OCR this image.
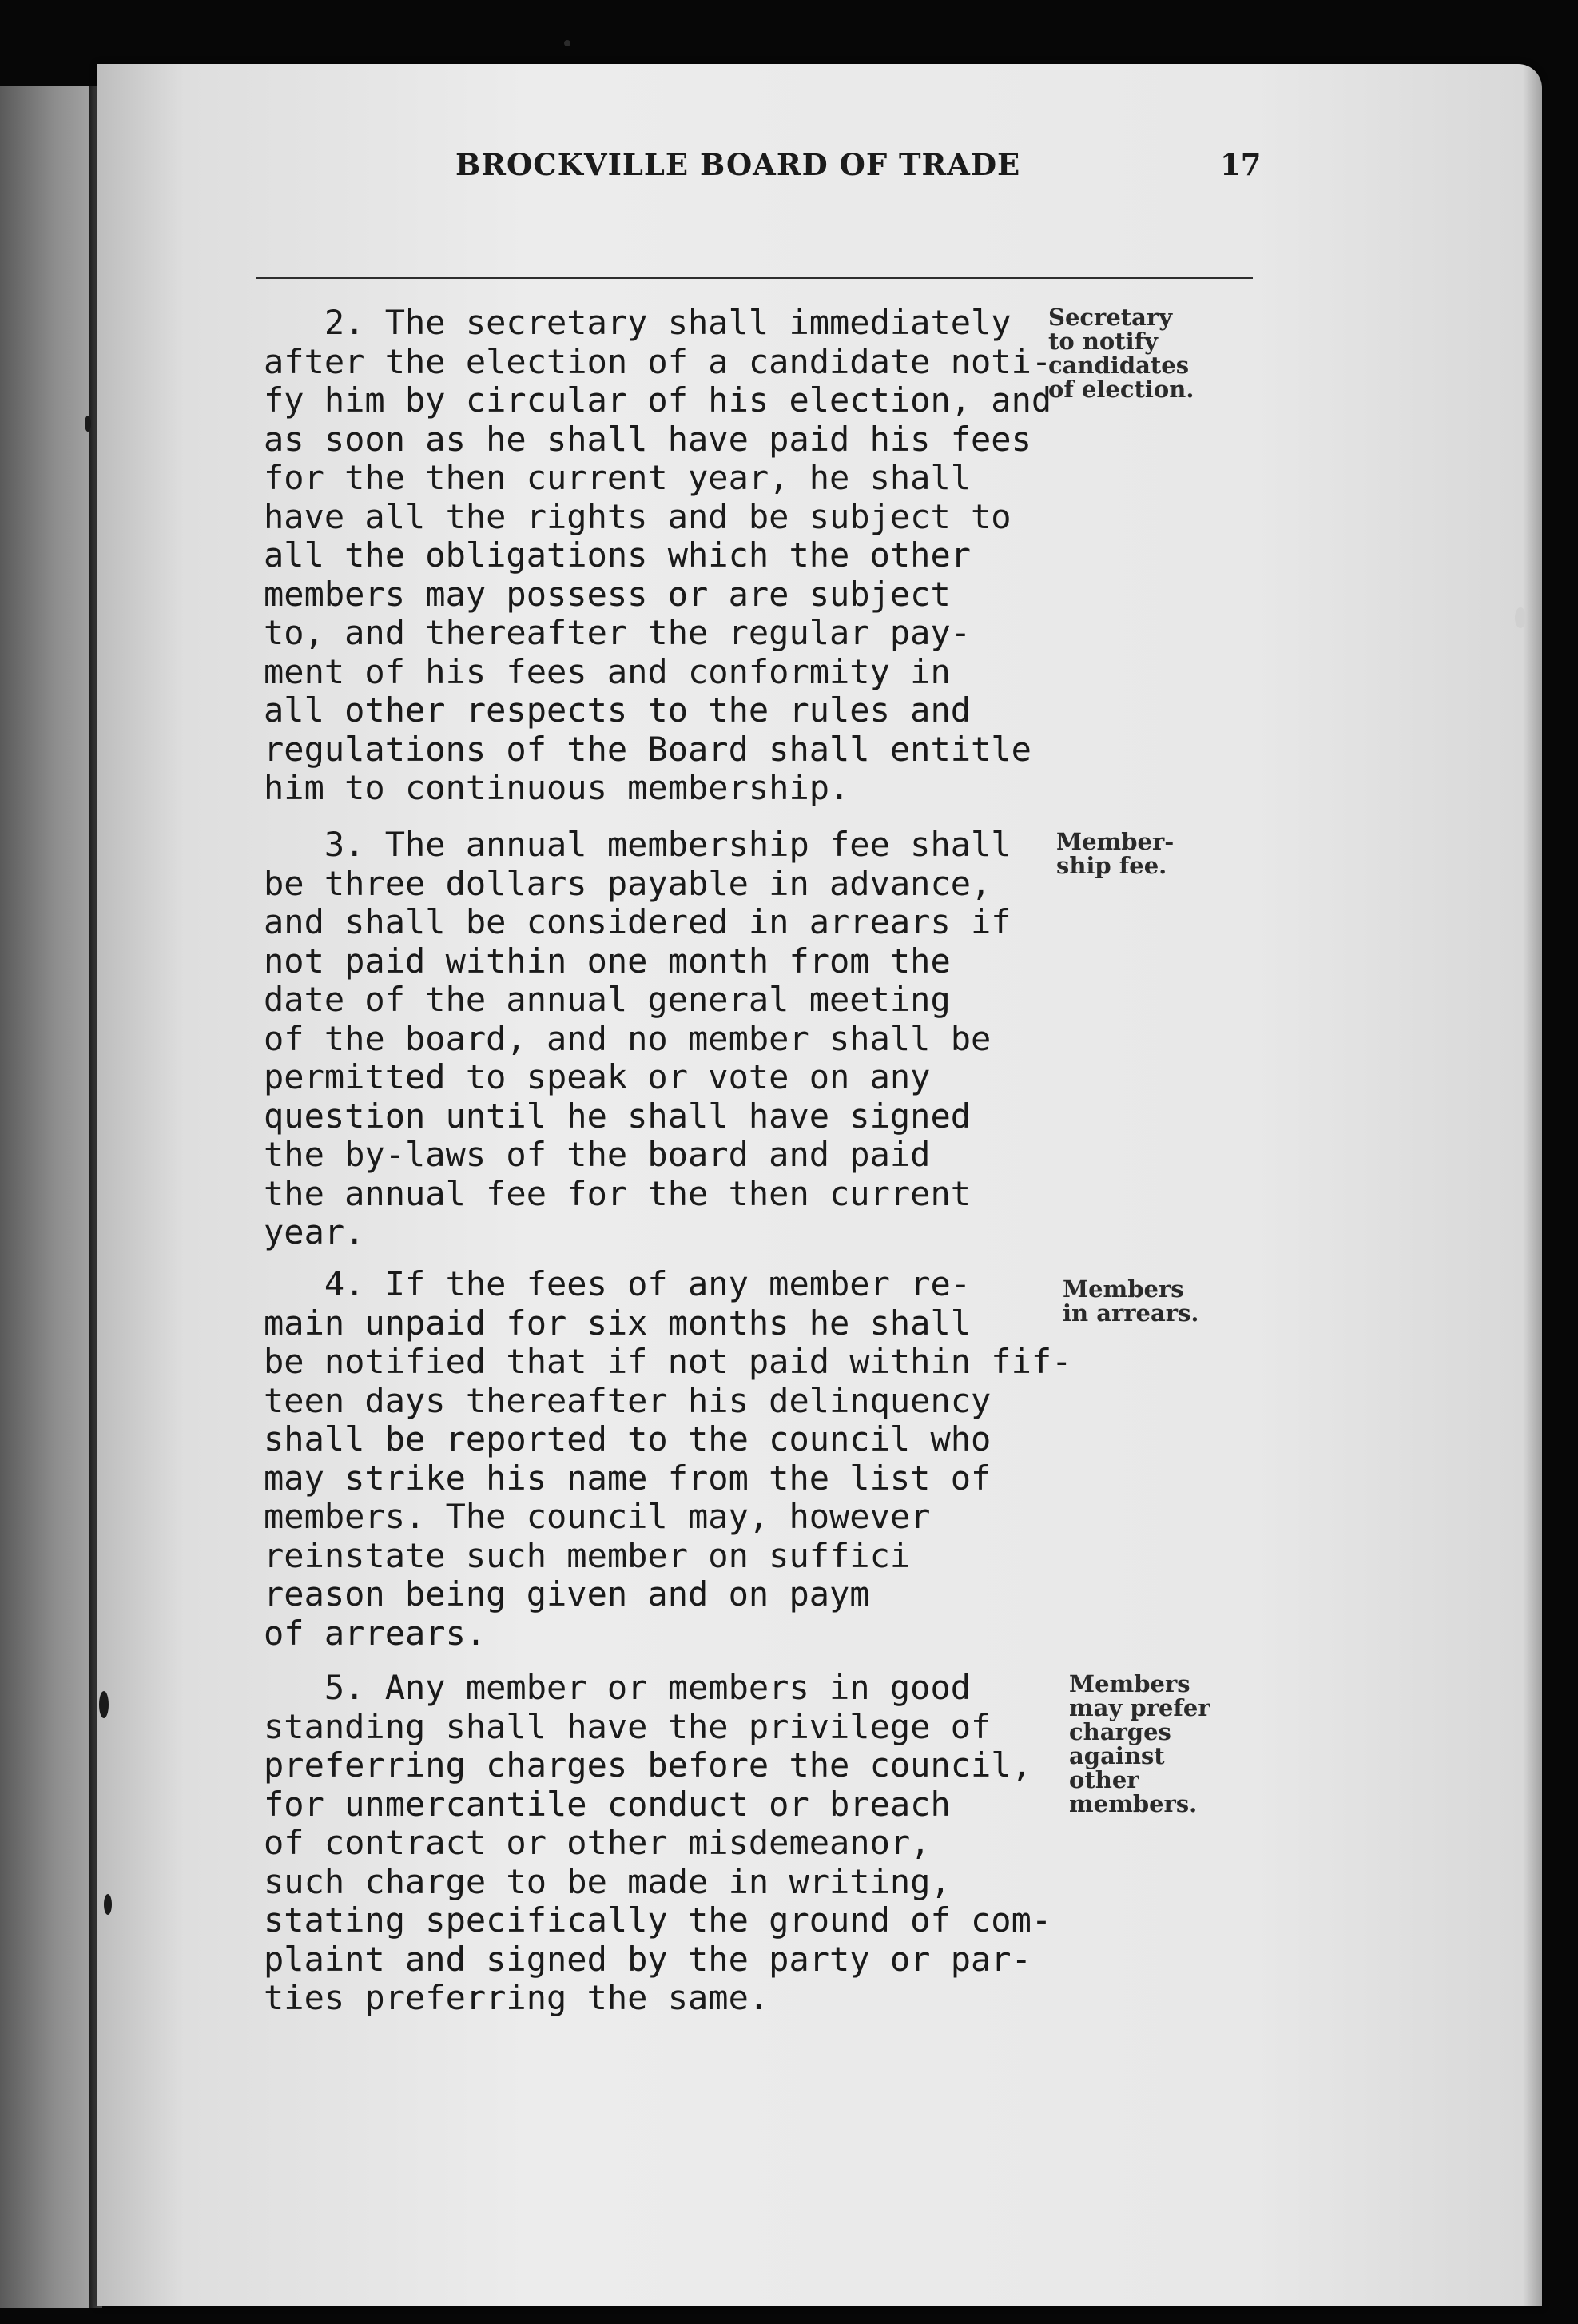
BROCKVILLE BOARD OF TRADE	17
2. The secretary shall immediately
after the election of a candidate noti-
fy him by circular of his election, and
as soon as he shall have paid his fees
for the then current year, he shall
have all the rights and be subject to
all the obligations which the other
members may possess or are subject
to, and thereafter the regular pay-
ment of his fees and conformity in
all other respects to the rules and
regulations of the Board shall entitle
him to continuous membership.
3. The annual membership fee shall
be three dollars payable in advance,
and shall be considered in arrears if
not paid within one month from the
date of the annual general meeting
of the board, and no member shall be
permitted to speak or vote on any
question until he shall have signed
the by-laws of the board and paid
the annual fee for the then current
year.
4. If the fees of any member re-
main unpaid for six months he shall
be notified that if not paid within fif-
teen days thereafter his delinquency
shall be reported to the council who
may strike his name from the list of
members. The council may, however
reinstate such member on suffici
reason being given and on paym
of arrears.
5. Any member or members in good
standing shall have the privilege of
preferring charges before the council,
for unmercantile conduct or breach
of contract or other misdemeanor,
such charge to be made in writing,
stating specifically the ground of com-
plaint and signed by the party or par-
ties preferring the same.
Secretary
to notify
candidates
of election.
Member-
ship fee.
Members
in arrears.
Members
may prefer
charges
against
other
members.
